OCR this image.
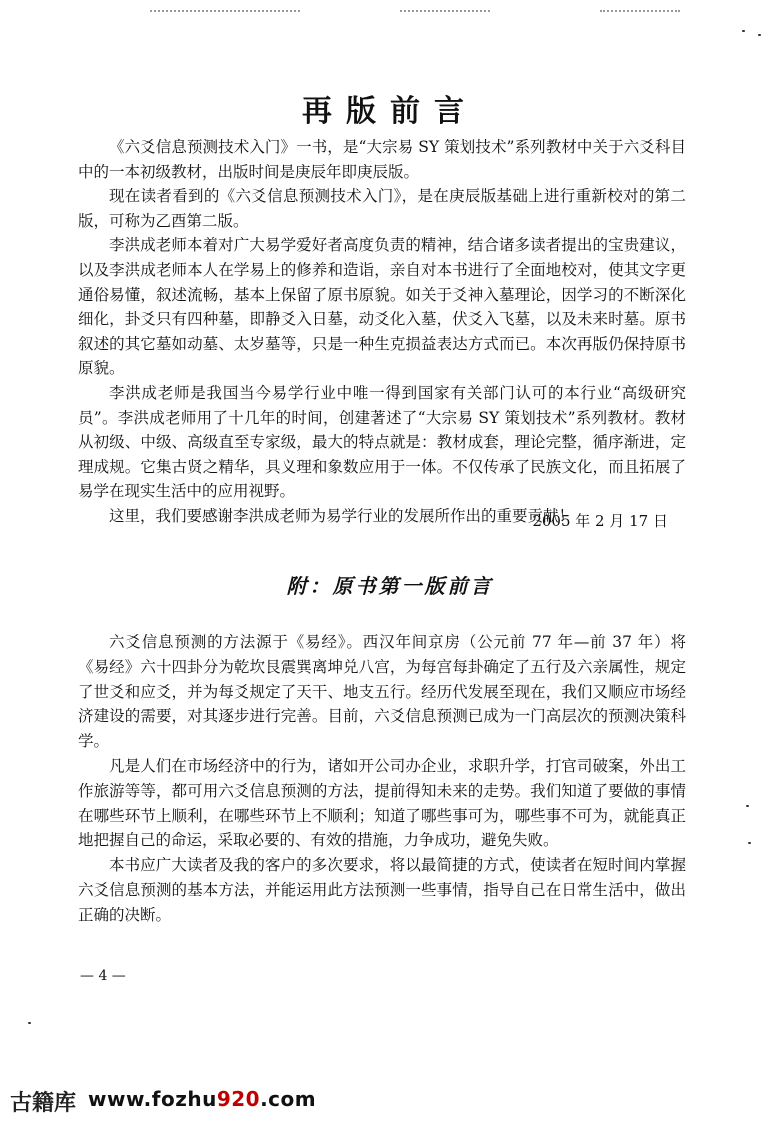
再版前言

《六爻信息预测技术入门》一书，是“大宗易 SY 策划技术”系列教材中关于六爻科目中的一本初级教材，出版时间是庚辰年即庚辰版。

现在读者看到的《六爻信息预测技术入门》，是在庚辰版基础上进行重新校对的第二版，可称为乙酉第二版。

李洪成老师本着对广大易学爱好者高度负责的精神，结合诸多读者提出的宝贵建议，以及李洪成老师本人在学易上的修养和造诣，亲自对本书进行了全面地校对，使其文字更通俗易懂，叙述流畅，基本上保留了原书原貌。如关于爻神入墓理论，因学习的不断深化细化，卦爻只有四种墓，即静爻入日墓，动爻化入墓，伏爻入飞墓，以及未来时墓。原书叙述的其它墓如动墓、太岁墓等，只是一种生克损益表达方式而已。本次再版仍保持原书原貌。

李洪成老师是我国当今易学行业中唯一得到国家有关部门认可的本行业“高级研究员”。李洪成老师用了十几年的时间，创建著述了“大宗易 SY 策划技术”系列教材。教材从初级、中级、高级直至专家级，最大的特点就是：教材成套，理论完整，循序渐进，定理成规。它集古贤之精华，具义理和象数应用于一体。不仅传承了民族文化，而且拓展了易学在现实生活中的应用视野。

这里，我们要感谢李洪成老师为易学行业的发展所作出的重要贡献！

2005 年 2 月 17 日
附：原书第一版前言

六爻信息预测的方法源于《易经》。西汉年间京房（公元前 77 年—前 37 年）将《易经》六十四卦分为乾坎艮震巽离坤兑八宫，为每宫每卦确定了五行及六亲属性，规定了世爻和应爻，并为每爻规定了天干、地支五行。经历代发展至现在，我们又顺应市场经济建设的需要，对其逐步进行完善。目前，六爻信息预测已成为一门高层次的预测决策科学。

凡是人们在市场经济中的行为，诸如开公司办企业，求职升学，打官司破案，外出工作旅游等等，都可用六爻信息预测的方法，提前得知未来的走势。我们知道了要做的事情在哪些环节上顺利，在哪些环节上不顺利；知道了哪些事可为，哪些事不可为，就能真正地把握自己的命运，采取必要的、有效的措施，力争成功，避免失败。

本书应广大读者及我的客户的多次要求，将以最简捷的方式，使读者在短时间内掌握六爻信息预测的基本方法，并能运用此方法预测一些事情，指导自己在日常生活中，做出正确的决断。

— 4 —
古籍库 www.fozhu920.com
